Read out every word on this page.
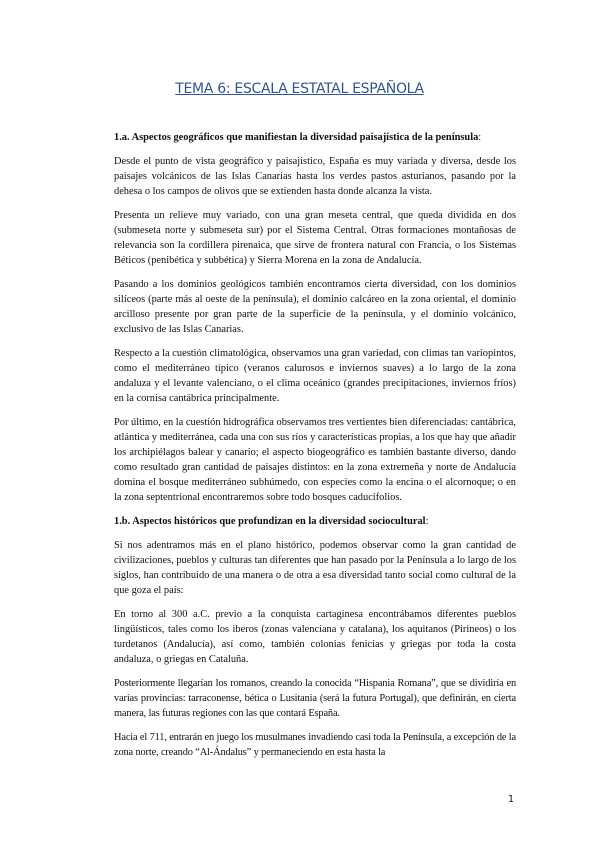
TEMA 6: ESCALA ESTATAL ESPAÑOLA

1.a. Aspectos geográficos que manifiestan la diversidad paisajística de la península:

Desde el punto de vista geográfico y paisajístico, España es muy variada y diversa, desde los paisajes volcánicos de las Islas Canarias hasta los verdes pastos asturianos, pasando por la dehesa o los campos de olivos que se extienden hasta donde alcanza la vista.

Presenta un relieve muy variado, con una gran meseta central, que queda dividida en dos (submeseta norte y submeseta sur) por el Sistema Central. Otras formaciones montañosas de relevancia son la cordillera pirenaica, que sirve de frontera natural con Francia, o los Sistemas Béticos (penibética y subbética) y Sierra Morena en la zona de Andalucía.

Pasando a los dominios geológicos también encontramos cierta diversidad, con los dominios silíceos (parte más al oeste de la península), el dominio calcáreo en la zona oriental, el dominio arcilloso presente por gran parte de la superficie de la península, y el dominio volcánico, exclusivo de las Islas Canarias.

Respecto a la cuestión climatológica, observamos una gran variedad, con climas tan variopintos, como el mediterráneo típico (veranos calurosos e inviernos suaves) a lo largo de la zona andaluza y el levante valenciano, o el clima oceánico (grandes precipitaciones, inviernos fríos) en la cornisa cantábrica principalmente.

Por último, en la cuestión hidrográfica observamos tres vertientes bien diferenciadas: cantábrica, atlántica y mediterránea, cada una con sus ríos y características propias, a los que hay que añadir los archipiélagos balear y canario; el aspecto biogeográfico es también bastante diverso, dando como resultado gran cantidad de paisajes distintos: en la zona extremeña y norte de Andalucía domina el bosque mediterráneo subhúmedo, con especies como la encina o el alcornoque; o en la zona septentrional encontraremos sobre todo bosques caducifolios.

1.b. Aspectos históricos que profundizan en la diversidad sociocultural:

Si nos adentramos más en el plano histórico, podemos observar como la gran cantidad de civilizaciones, pueblos y culturas tan diferentes que han pasado por la Península a lo largo de los siglos, han contribuido de una manera o de otra a esa diversidad tanto social como cultural de la que goza el país:

En torno al 300 a.C. previo a la conquista cartaginesa encontrábamos diferentes pueblos lingüísticos, tales como los iberos (zonas valenciana y catalana), los aquitanos (Pirineos) o los turdetanos (Andalucía), así como, también colonias fenicias y griegas por toda la costa andaluza, o griegas en Cataluña.

Posteriormente llegarían los romanos, creando la conocida “Hispania Romana”, que se dividiría en varias provincias: tarraconense, bética o Lusitania (será la futura Portugal), que definirán, en cierta manera, las futuras regiones con las que contará España.

Hacia el 711, entrarán en juego los musulmanes invadiendo casi toda la Península, a excepción de la zona norte, creando “Al-Ándalus” y permaneciendo en esta hasta la

1
